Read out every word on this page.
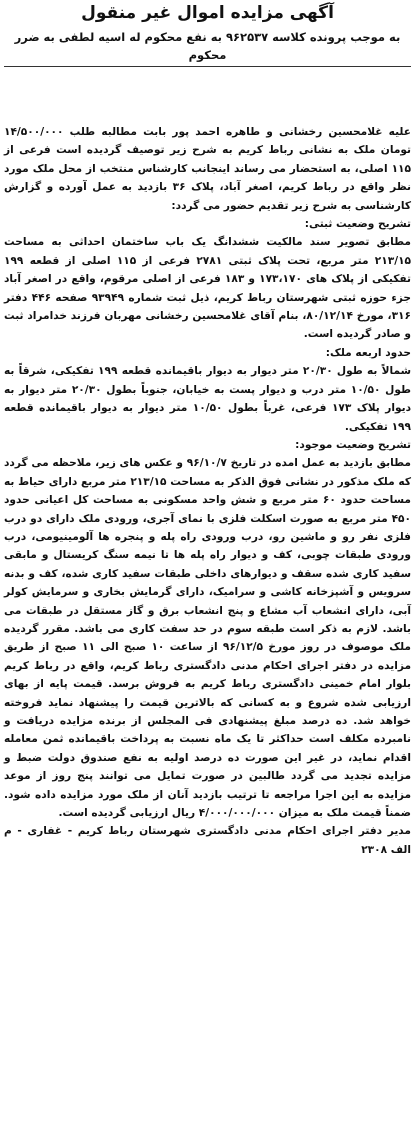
آگهی مزایده اموال غیر منقول
به موجب پرونده کلاسه ۹۶۲۵۳۷ به نفع محکوم له اسیه لطفی به ضرر محکوم

علیه غلامحسین رخشانی و طاهره احمد پور بابت مطالبه طلب ۱۴/۵۰۰/۰۰۰ تومان ملک به نشانی رباط کریم به شرح زیر توصیف گردیده است فرعی از ۱۱۵ اصلی، به استحضار می رساند اینجانب کارشناس منتخب از محل ملک مورد نظر واقع در رباط کریم، اصغر آباد، پلاک ۳۶ بازدید به عمل آورده و گزارش کارشناسی به شرح زیر تقدیم حضور می گردد:

تشریح وضعیت ثبتی:

مطابق تصویر سند مالکیت ششدانگ یک باب ساختمان احداثی به مساحت ۲۱۳/۱۵ متر مربع، تحت پلاک ثبتی ۲۷۸۱ فرعی از ۱۱۵ اصلی از قطعه ۱۹۹ تفکیکی از پلاک های ۱۷۳،۱۷۰ و ۱۸۳ فرعی از اصلی مرقوم، واقع در اصغر آباد جزء حوزه ثبتی شهرستان رباط کریم، ذیل ثبت شماره ۹۳۹۴۹ صفحه ۴۴۶ دفتر ۳۱۶، مورخ ۸۰/۱۲/۱۴، بنام آقای غلامحسین رخشانی مهربان فرزند خدامراد ثبت و صادر گردیده است.

حدود اربعه ملک:

شمالاً به طول ۲۰/۳۰ متر دیوار به دیوار باقیمانده قطعه ۱۹۹ تفکیکی، شرقاً به طول ۱۰/۵۰ متر درب و دیوار پست به خیابان، جنوباً بطول ۲۰/۳۰ متر دیوار به دیوار پلاک ۱۷۳ فرعی، غرباً بطول ۱۰/۵۰ متر دیوار به دیوار باقیمانده قطعه ۱۹۹ تفکیکی.

تشریح وضعیت موجود:

مطابق بازدید به عمل امده در تاریخ ۹۶/۱۰/۷ و عکس های زیر، ملاحظه می گردد که ملک مذکور در نشانی فوق الذکر به مساحت ۲۱۳/۱۵ متر مربع دارای حیاط به مساحت حدود ۶۰ متر مربع و شش واحد مسکونی به مساحت کل اعیانی حدود ۴۵۰ متر مربع به صورت اسکلت فلزی با نمای آجری، ورودی ملک دارای دو درب فلزی نفر رو و ماشین رو، درب ورودی راه پله و پنجره ها آلومینیومی، درب ورودی طبقات چوبی، کف و دیوار راه پله ها تا نیمه سنگ کریستال و مابقی سفید کاری شده سقف و دیوارهای داخلی طبقات سفید کاری شده، کف و بدنه سرویس و آشپزخانه کاشی و سرامیک، دارای گرمایش بخاری و سرمایش کولر آبی، دارای انشعاب آب مشاع و پنج انشعاب برق و گاز مستقل در طبقات می باشد. لازم به ذکر است طبقه سوم در حد سفت کاری می باشد. مقرر گردیده ملک موصوف در روز مورخ ۹۶/۱۲/۵ از ساعت ۱۰ صبح الی ۱۱ صبح از طریق مزایده در دفتر اجرای احکام مدنی دادگستری رباط کریم، واقع در رباط کریم بلوار امام خمینی دادگستری رباط کریم به فروش برسد. قیمت پایه از بهای ارزیابی شده شروع و به کسانی که بالاترین قیمت را پیشنهاد نماید فروخته خواهد شد. ده درصد مبلغ پیشنهادی فی المجلس از برنده مزایده دریافت و نامبرده مکلف است حداکثر تا یک ماه نسبت به پرداخت باقیمانده ثمن معامله اقدام نماید، در غیر این صورت ده درصد اولیه به نفع صندوق دولت ضبط و مزایده تجدید می گردد طالبین در صورت تمایل می توانند پنج روز از موعد مزایده به این اجرا مراجعه تا ترتیب بازدید آنان از ملک مورد مزایده داده شود. ضمناً قیمت ملک به میزان ۴/۰۰۰/۰۰۰/۰۰۰ ریال ارزیابی گردیده است.

مدیر دفتر اجرای احکام مدنی دادگستری شهرستان رباط کریم - غفاری - م الف ۲۳۰۸
